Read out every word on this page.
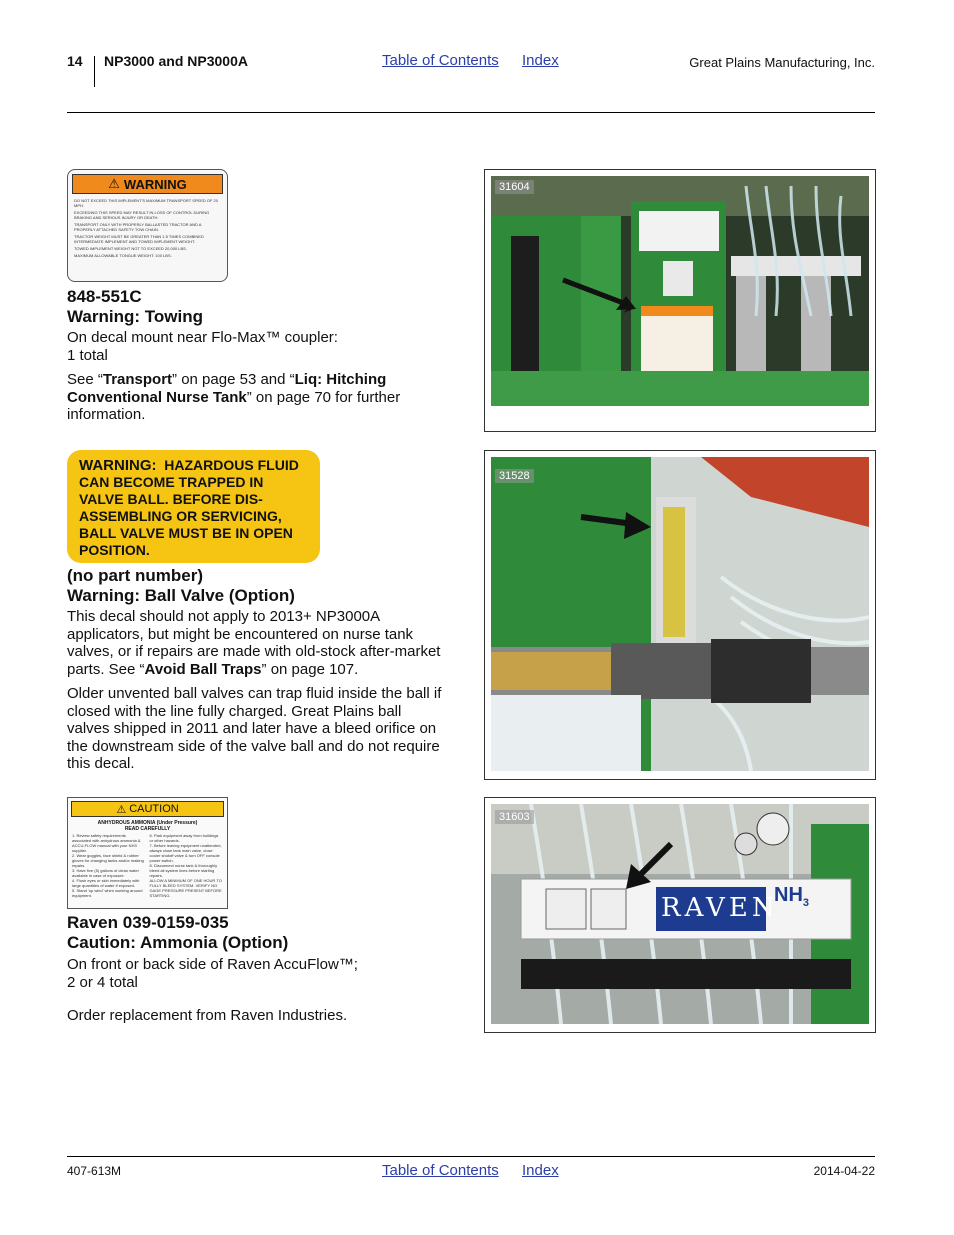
14 NP3000 and NP3000A	Table of Contents Index	Great Plains Manufacturing, Inc.
⚠ WARNING
DO NOT EXCEED THIS IMPLEMENT'S MAXIMUM TRANSPORT SPEED OF 20 MPH.
EXCEEDING THIS SPEED MAY RESULT IN LOSS OF CONTROL DURING BRAKING AND SERIOUS INJURY OR DEATH.
TRANSPORT ONLY WITH PROPERLY BALLASTED TRACTOR AND A PROPERLY ATTACHED SAFETY TOW CHAIN.
TRACTOR WEIGHT MUST BE GREATER THAN 1.5 TIMES COMBINED INTERMEDIATE IMPLEMENT AND TOWED IMPLEMENT WEIGHT.
TOWED IMPLEMENT WEIGHT NOT TO EXCEED 20,000 LBS.
MAXIMUM ALLOWABLE TONGUE WEIGHT: 100 LBS.
848-551C
Warning: Towing
On decal mount near Flo-Max™ coupler:
1 total
See “Transport” on page 53 and “Liq: Hitching
Conventional Nurse Tank” on page 70 for further
information.
WARNING: HAZARDOUS FLUID
CAN BECOME TRAPPED IN
VALVE BALL. BEFORE DIS-
ASSEMBLING OR SERVICING,
BALL VALVE MUST BE IN OPEN
POSITION.
(no part number)
Warning: Ball Valve (Option)
This decal should not apply to 2013+ NP3000A
applicators, but might be encountered on nurse tank
valves, or if repairs are made with old-stock after-market
parts. See “Avoid Ball Traps” on page 107.
Older unvented ball valves can trap fluid inside the ball if
closed with the line fully charged. Great Plains ball
valves shipped in 2011 and later have a bleed orifice on
the downstream side of the valve ball and do not require
this decal.
⚠ CAUTION
ANHYDROUS AMMONIA (Under Pressure)
READ CAREFULLY
1. Review safety requirements associated with anhydrous ammonia & ACCU-FLOW manual with your NH3 supplier.
2. Wear goggles, face shield & rubber gloves for changing tanks and/or making repairs.
3. Have five (5) gallons of clean water available in case of exposure.
4. Flush eyes or skin immediately with large quantities of water if exposed.
5. Stand 'up wind' when working around equipment.
6. Park equipment away from buildings or other hazards.
7. Before leaving equipment unattended, always close tank main valve, close cooler shutoff valve & turn OFF console power switch.
8. Disconnect nurse tank & thoroughly bleed all system lines before starting repairs.
ALLOW A MINIMUM OF ONE HOUR TO FULLY BLEED SYSTEM. VERIFY NO GAGE PRESSURE PRESENT BEFORE STARTING.
Raven 039-0159-035
Caution: Ammonia (Option)
On front or back side of Raven AccuFlow™;
2 or 4 total
Order replacement from Raven Industries.
31604
31528
RAVEN
$NH_3$
31603
407-613M	Table of Contents Index	2014-04-22
